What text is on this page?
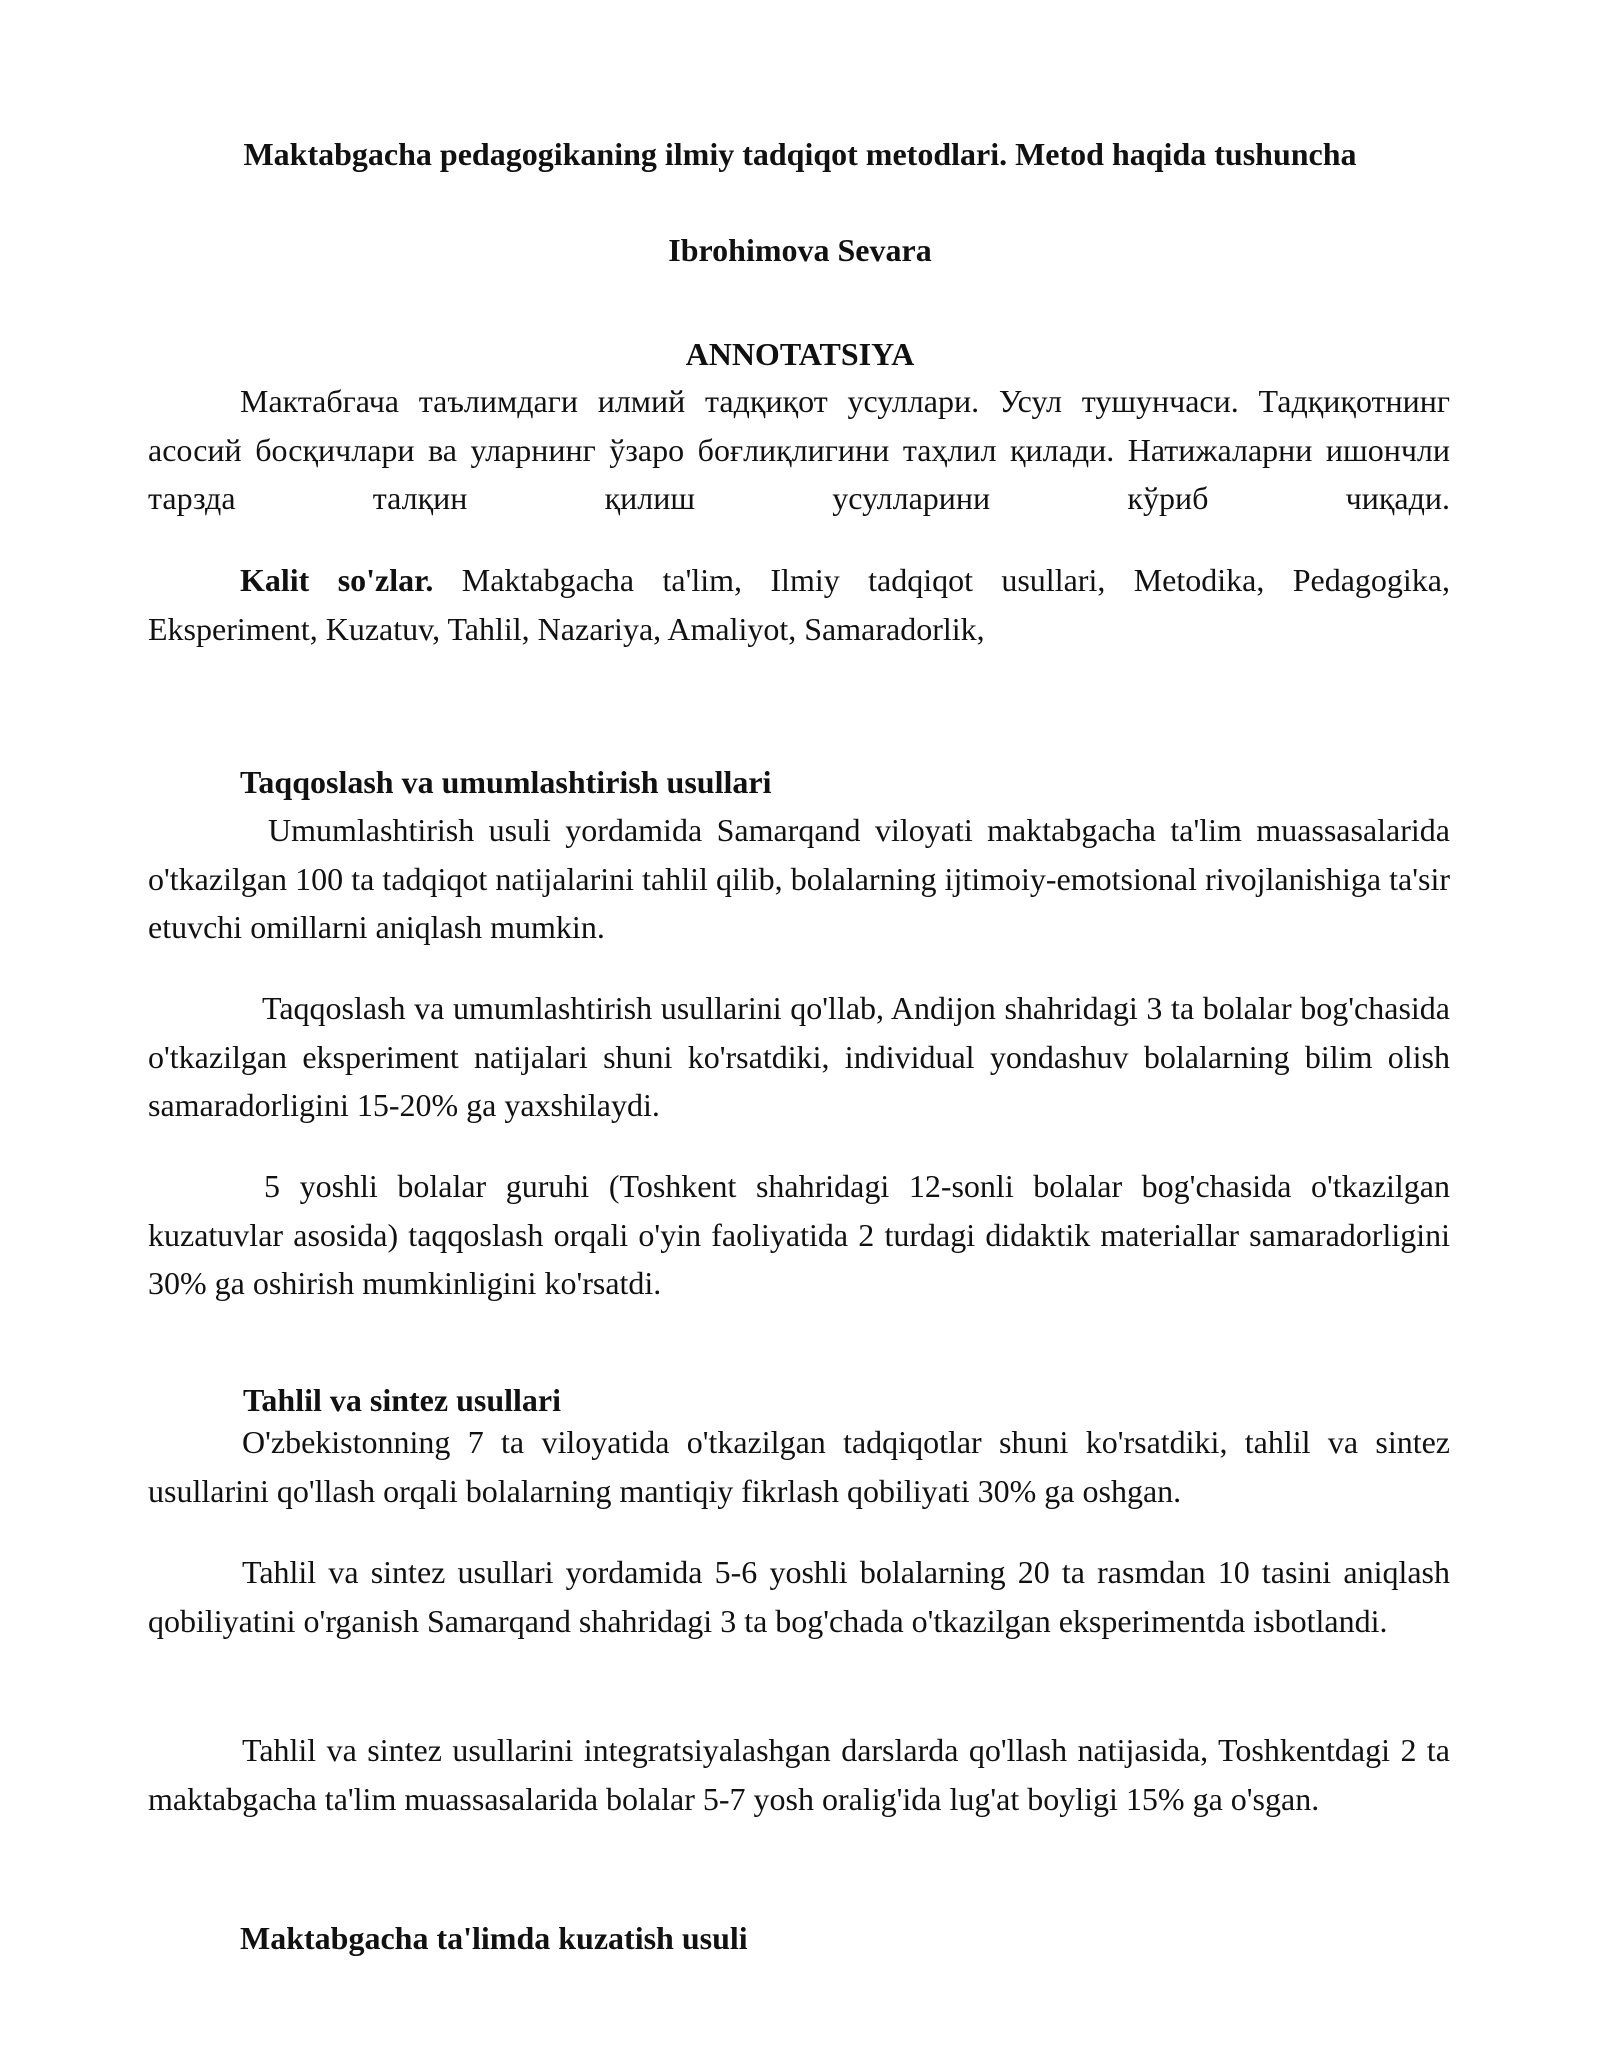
Maktabgacha pedagogikaning ilmiy tadqiqot metodlari. Metod haqida tushuncha
Ibrohimova Sevara
ANNOTATSIYA

Мактабгача таълимдаги илмий тадқиқот усуллари. Усул тушунчаси. Тадқиқотнинг асосий босқичлари ва уларнинг ўзаро боғлиқлигини таҳлил қилади. Натижаларни ишончли тарзда талқин қилиш усулларини кўриб чиқади.

Kalit so'zlar. Maktabgacha ta'lim, Ilmiy tadqiqot usullari, Metodika, Pedagogika, Eksperiment, Kuzatuv, Tahlil, Nazariya, Amaliyot, Samaradorlik,

Taqqoslash va umumlashtirish usullari

Umumlashtirish usuli yordamida Samarqand viloyati maktabgacha ta'lim muassasalarida o'tkazilgan 100 ta tadqiqot natijalarini tahlil qilib, bolalarning ijtimoiy-emotsional rivojlanishiga ta'sir etuvchi omillarni aniqlash mumkin.

Taqqoslash va umumlashtirish usullarini qo'llab, Andijon shahridagi 3 ta bolalar bog'chasida o'tkazilgan eksperiment natijalari shuni ko'rsatdiki, individual yondashuv bolalarning bilim olish samaradorligini 15-20% ga yaxshilaydi.

5 yoshli bolalar guruhi (Toshkent shahridagi 12-sonli bolalar bog'chasida o'tkazilgan kuzatuvlar asosida) taqqoslash orqali o'yin faoliyatida 2 turdagi didaktik materiallar samaradorligini 30% ga oshirish mumkinligini ko'rsatdi.

Tahlil va sintez usullari

O'zbekistonning 7 ta viloyatida o'tkazilgan tadqiqotlar shuni ko'rsatdiki, tahlil va sintez usullarini qo'llash orqali bolalarning mantiqiy fikrlash qobiliyati 30% ga oshgan.

Tahlil va sintez usullari yordamida 5-6 yoshli bolalarning 20 ta rasmdan 10 tasini aniqlash qobiliyatini o'rganish Samarqand shahridagi 3 ta bog'chada o'tkazilgan eksperimentda isbotlandi.

Tahlil va sintez usullarini integratsiyalashgan darslarda qo'llash natijasida, Toshkentdagi 2 ta maktabgacha ta'lim muassasalarida bolalar 5-7 yosh oralig'ida lug'at boyligi 15% ga o'sgan.

Maktabgacha ta'limda kuzatish usuli
